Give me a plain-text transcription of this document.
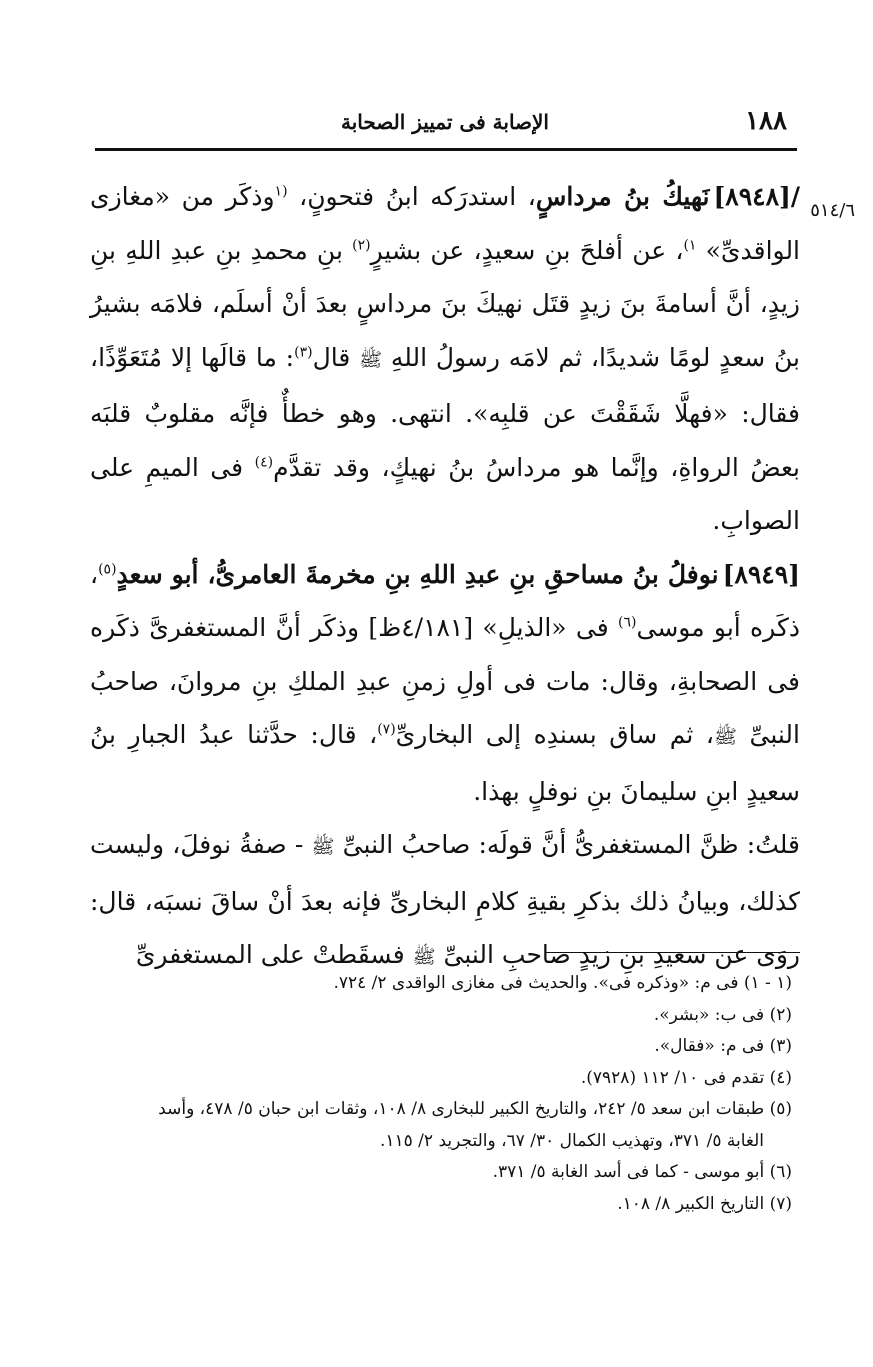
١٨٨
الإصابة فى تمييز الصحابة
٥١٤/٦

/[٨٩٤٨]نَهيكُ بنُ مرداسٍ، استدرَكه ابنُ فتحونٍ، $^{(١}$وذكَر من «مغازى الواقدىِّ» $^{١)}$، عن أفلحَ بنِ سعيدٍ، عن بشيرٍ$^{(٢)}$ بنِ محمدِ بنِ عبدِ اللهِ بنِ زيدٍ، أنَّ أسامةَ بنَ زيدٍ قتَل نهيكَ بنَ مرداسٍ بعدَ أنْ أسلَم، فلامَه بشيرُ بنُ سعدٍ لومًا شديدًا، ثم لامَه رسولُ اللهِ ﷺ قال$^{(٣)}$: ما قالَها إلا مُتَعَوِّذًا، فقال: «فهلَّا شَقَقْتَ عن قلبِه». انتهى. وهو خطأٌ فإنَّه مقلوبٌ قلبَه بعضُ الرواةِ، وإنَّما هو مرداسُ بنُ نهيكٍ، وقد تقدَّم$^{(٤)}$ فى الميمِ على الصوابِ.

[٨٩٤٩]نوفلُ بنُ مساحقِ بنِ عبدِ اللهِ بنِ مخرمةَ العامرىُّ، أبو سعدٍ$^{(٥)}$، ذكَره أبو موسى$^{(٦)}$ فى «الذيلِ» [٤/١٨١ظ] وذكَر أنَّ المستغفرىَّ ذكَره فى الصحابةِ، وقال: مات فى أولِ زمنِ عبدِ الملكِ بنِ مروانَ، صاحبُ النبىِّ ﷺ، ثم ساق بسندِه إلى البخارىِّ$^{(٧)}$، قال: حدَّثنا عبدُ الجبارِ بنُ سعيدٍ ابنِ سليمانَ بنِ نوفلٍ بهذا.

قلتُ: ظنَّ المستغفرىُّ أنَّ قولَه: صاحبُ النبىِّ ﷺ - صفةُ نوفلَ، وليست كذلك، وبيانُ ذلك بذكرِ بقيةِ كلامِ البخارىِّ فإنه بعدَ أنْ ساقَ نسبَه، قال: روَى عن سعيدِ بنِ زيدٍ صاحبِ النبىِّ ﷺ فسقَطتْ على المستغفرىِّ

(١ - ١) فى م: «وذكره فى». والحديث فى مغازى الواقدى ٢/ ٧٢٤.

(٢) فى ب: «بشر».

(٣) فى م: «فقال».

(٤) تقدم فى ١٠/ ١١٢ (٧٩٢٨).

(٥) طبقات ابن سعد ٥/ ٢٤٢، والتاريخ الكبير للبخارى ٨/ ١٠٨، وثقات ابن حبان ٥/ ٤٧٨، وأسد

الغابة ٥/ ٣٧١، وتهذيب الكمال ٣٠/ ٦٧، والتجريد ٢/ ١١٥.

(٦) أبو موسى - كما فى أسد الغابة ٥/ ٣٧١.

(٧) التاريخ الكبير ٨/ ١٠٨.
